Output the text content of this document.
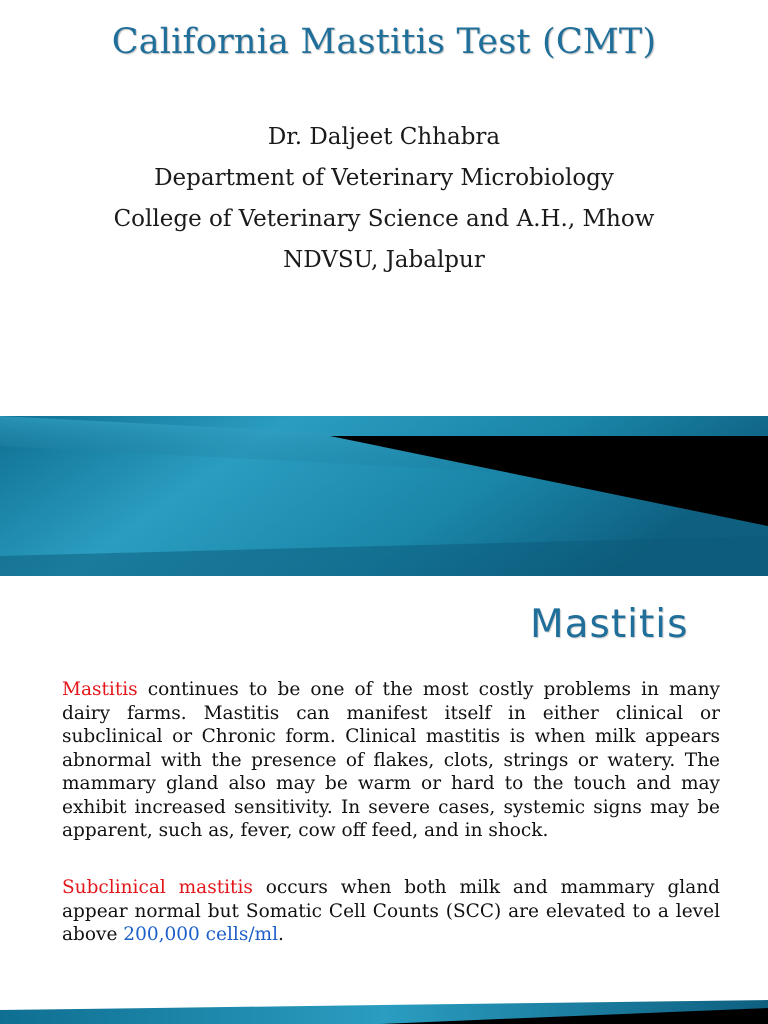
California Mastitis Test (CMT)
Dr. Daljeet Chhabra
Department of Veterinary Microbiology
College of Veterinary Science and A.H., Mhow
NDVSU, Jabalpur
Mastitis
Mastitis continues to be one of the most costly problems in many dairy farms. Mastitis can manifest itself in either clinical or subclinical or Chronic form. Clinical mastitis is when milk appears abnormal with the presence of flakes, clots, strings or watery. The mammary gland also may be warm or hard to the touch and may exhibit increased sensitivity. In severe cases, systemic signs may be apparent, such as, fever, cow off feed, and in shock.
Subclinical mastitis occurs when both milk and mammary gland appear normal but Somatic Cell Counts (SCC) are elevated to a level above 200,000 cells/ml.
